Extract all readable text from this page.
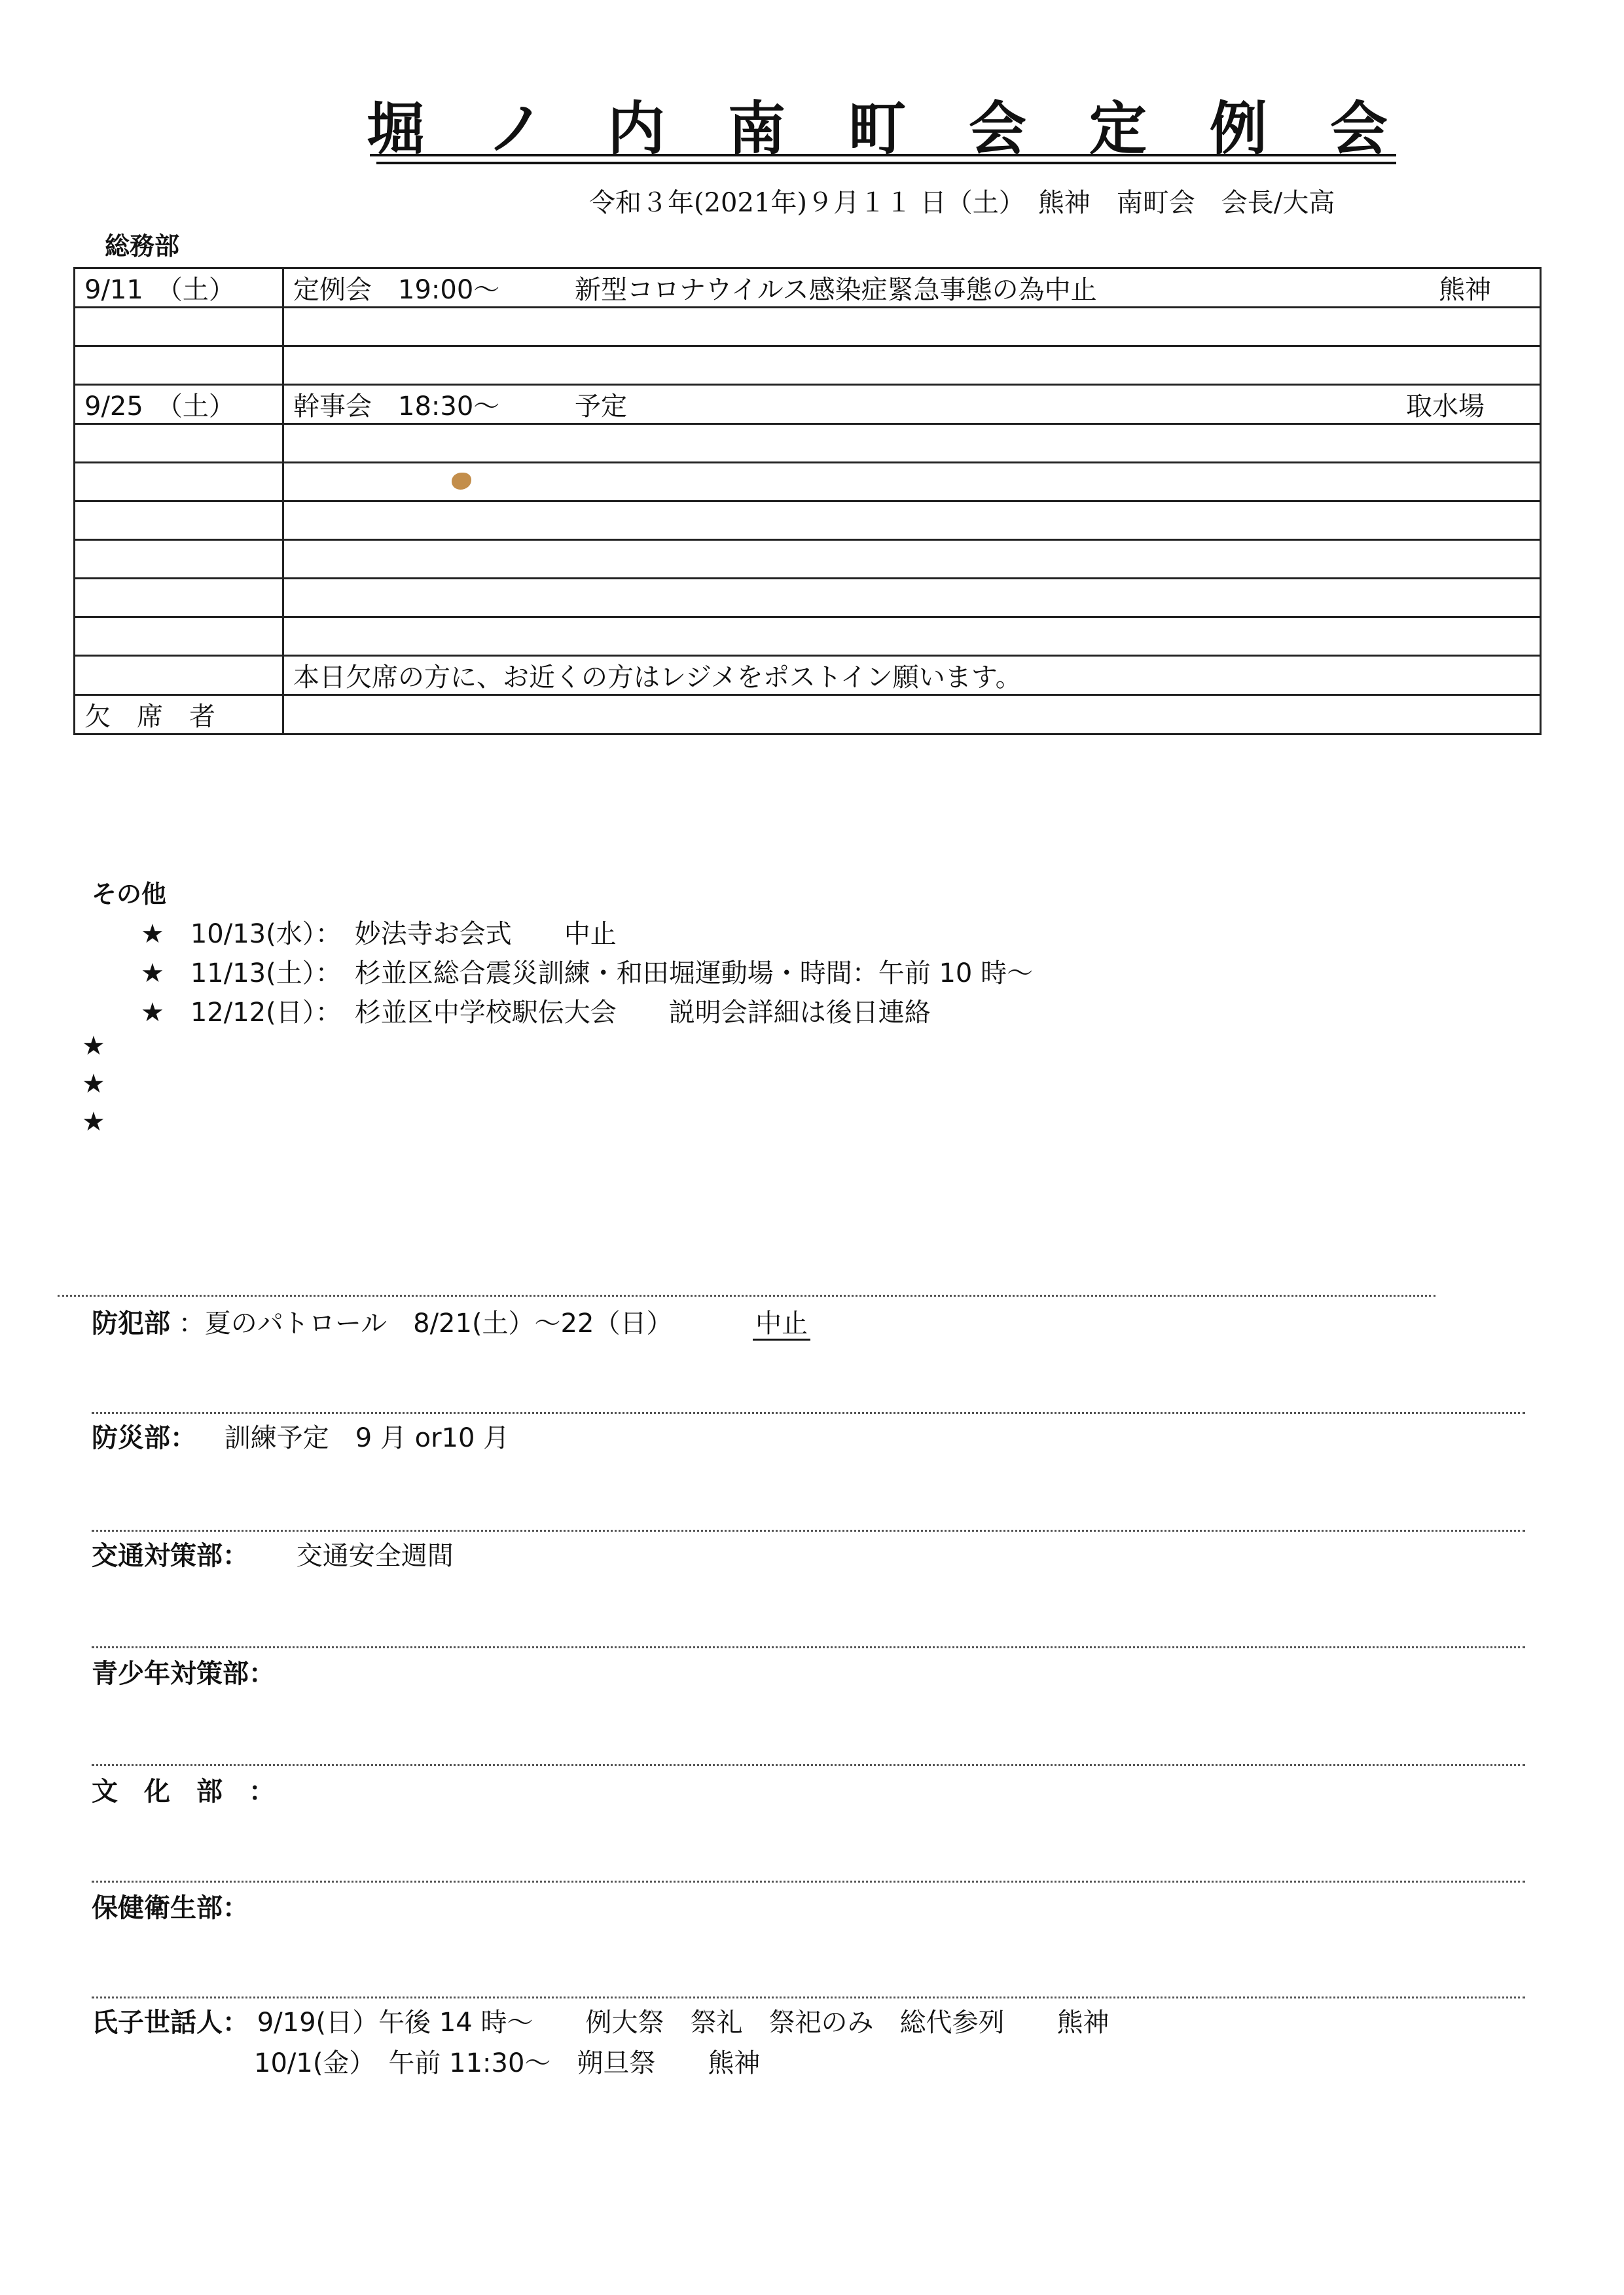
堀 ノ 内 南 町 会 定 例 会
令和３年(2021年)９月１１ 日（土）　熊神　南町会　会長/大高
総務部
9/11　（土）	定例会　19:00～ 新型コロナウイルス感染症緊急事態の為中止 熊神

9/25　（土）	幹事会　18:30～ 予定 取水場

	本日欠席の方に、お近くの方はレジメをポストイン願います。
欠　席　者	
その他
★　10/13(水）：　妙法寺お会式　　中止
★　11/13(土）：　杉並区総合震災訓練・和田堀運動場・時間：午前 10 時～
★　12/12(日）：　杉並区中学校駅伝大会　　説明会詳細は後日連絡
★
★
★
防犯部 ：夏のパトロール　8/21(土）～22（日）	中止
防災部： 訓練予定　9 月 or10 月
交通対策部： 交通安全週間
青少年対策部：
文　化　部　：
保健衛生部：
氏子世話人： 9/19(日）午後 14 時～　　例大祭　祭礼　祭祀のみ　総代参列　　熊神
10/1(金）　午前 11:30～　朔旦祭　　熊神
